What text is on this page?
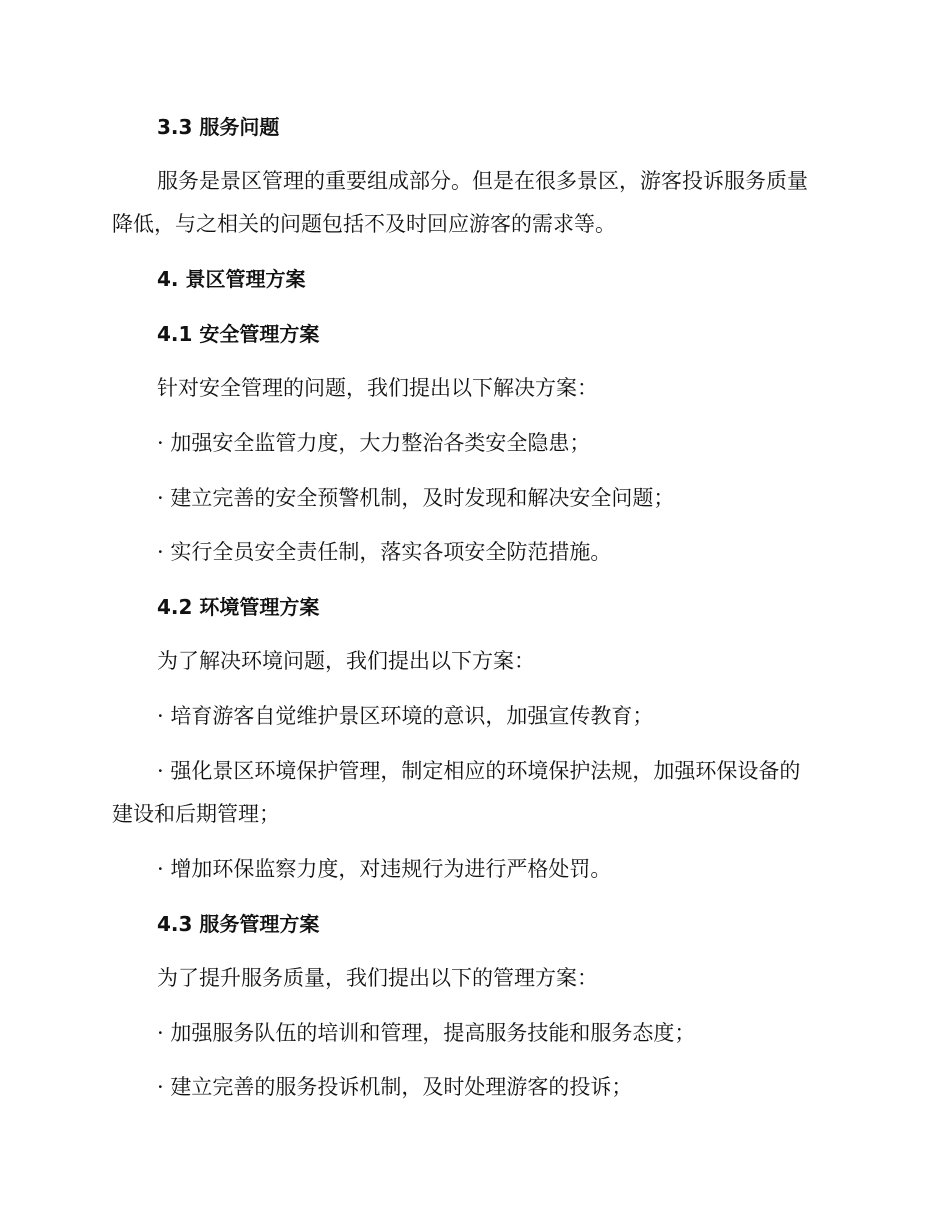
3.3 服务问题
服务是景区管理的重要组成部分。但是在很多景区，游客投诉服务质量
降低，与之相关的问题包括不及时回应游客的需求等。
4. 景区管理方案
4.1 安全管理方案
针对安全管理的问题，我们提出以下解决方案：
· 加强安全监管力度，大力整治各类安全隐患；
· 建立完善的安全预警机制，及时发现和解决安全问题；
· 实行全员安全责任制，落实各项安全防范措施。
4.2 环境管理方案
为了解决环境问题，我们提出以下方案：
· 培育游客自觉维护景区环境的意识，加强宣传教育；
· 强化景区环境保护管理，制定相应的环境保护法规，加强环保设备的
建设和后期管理；
· 增加环保监察力度，对违规行为进行严格处罚。
4.3 服务管理方案
为了提升服务质量，我们提出以下的管理方案：
· 加强服务队伍的培训和管理，提高服务技能和服务态度；
· 建立完善的服务投诉机制，及时处理游客的投诉；
